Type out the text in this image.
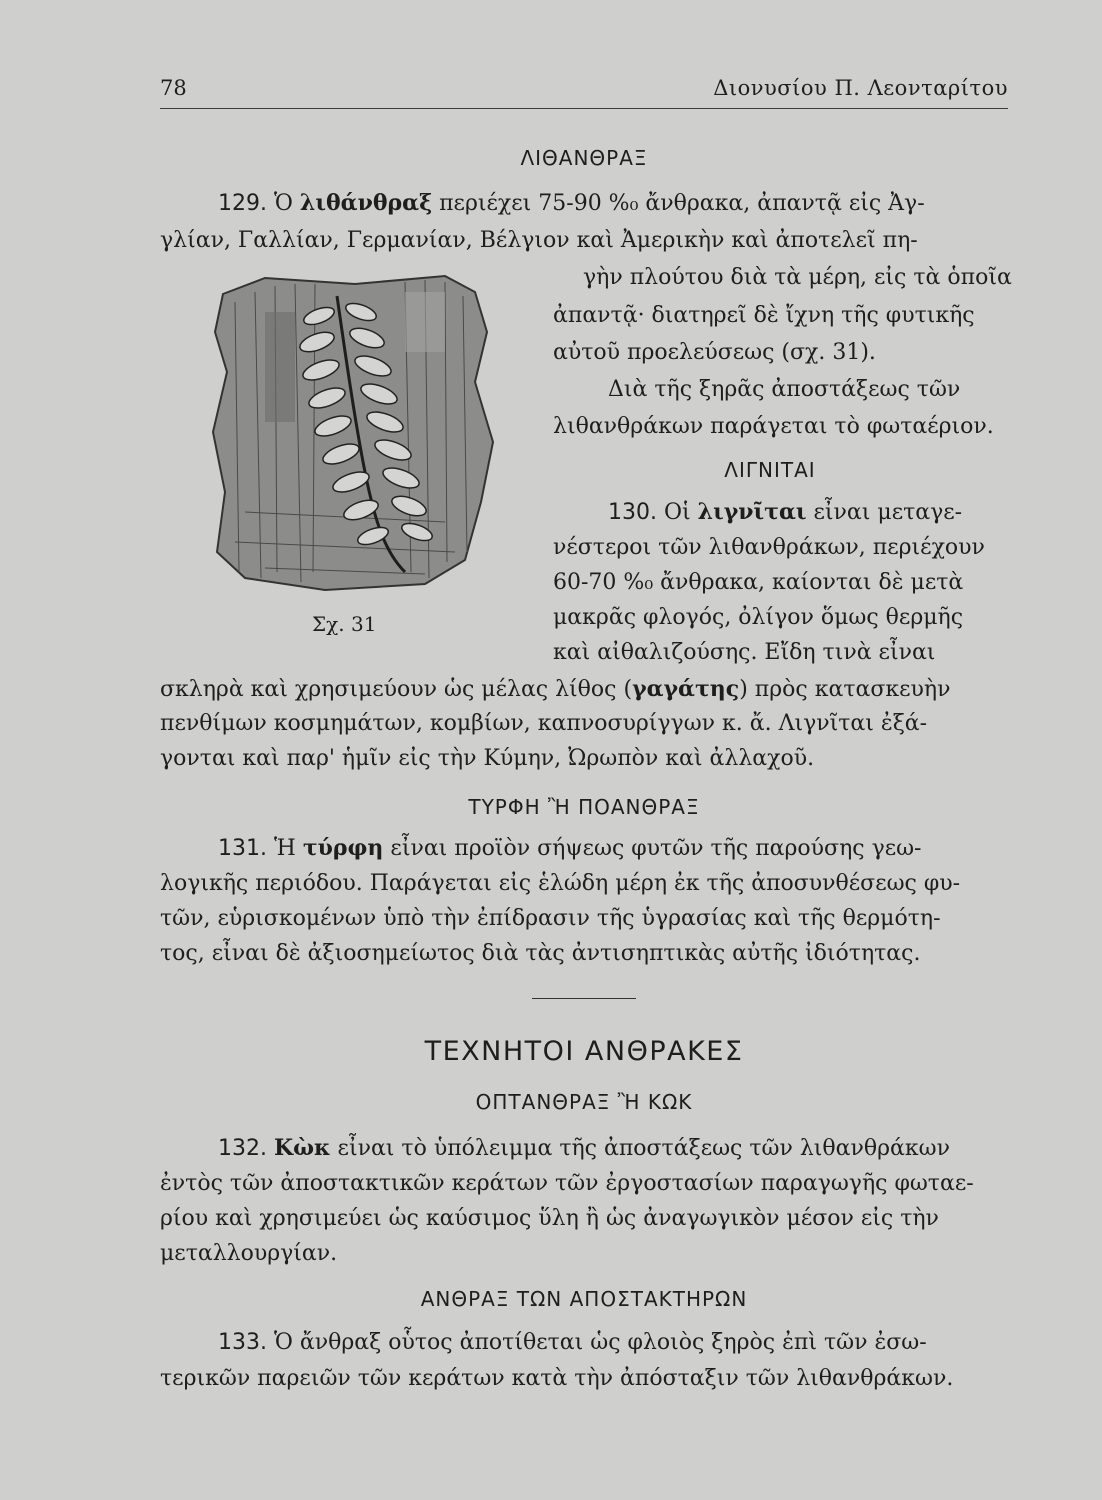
78	Διονυσίου Π. Λεονταρίτου
ΛΙΘΑΝΘΡΑΞ
129. Ὁ λιθάνθραξ περιέχει 75-90 %₀ ἄνθρακα, ἀπαντᾷ εἰς Ἀγ-
γλίαν, Γαλλίαν, Γερμανίαν, Βέλγιον καὶ Ἀμερικὴν καὶ ἀποτελεῖ πη-
γὴν πλούτου διὰ τὰ μέρη, εἰς τὰ ὁποῖα
ἀπαντᾷ· διατηρεῖ δὲ ἴχνη τῆς φυτικῆς
αὐτοῦ προελεύσεως (σχ. 31).
Διὰ τῆς ξηρᾶς ἀποστάξεως τῶν
λιθανθράκων παράγεται τὸ φωταέριον.
Σχ. 31
ΛΙΓΝΙΤΑΙ
130. Οἱ λιγνῖται εἶναι μεταγε-
νέστεροι τῶν λιθανθράκων, περιέχουν
60-70 %₀ ἄνθρακα, καίονται δὲ μετὰ
μακρᾶς φλογός, ὀλίγον ὅμως θερμῆς
καὶ αἰθαλιζούσης. Εἴδη τινὰ εἶναι
σκληρὰ καὶ χρησιμεύουν ὡς μέλας λίθος (γαγάτης) πρὸς κατασκευὴν
πενθίμων κοσμημάτων, κομβίων, καπνοσυρίγγων κ. ἄ. Λιγνῖται ἐξά-
γονται καὶ παρ' ἡμῖν εἰς τὴν Κύμην, Ὠρωπὸν καὶ ἀλλαχοῦ.
ΤΥΡΦΗ Ἢ ΠΟΑΝΘΡΑΞ
131. Ἡ τύρφη εἶναι προϊὸν σήψεως φυτῶν τῆς παρούσης γεω-
λογικῆς περιόδου. Παράγεται εἰς ἑλώδη μέρη ἐκ τῆς ἀποσυνθέσεως φυ-
τῶν, εὑρισκομένων ὑπὸ τὴν ἐπίδρασιν τῆς ὑγρασίας καὶ τῆς θερμότη-
τος, εἶναι δὲ ἀξιοσημείωτος διὰ τὰς ἀντισηπτικὰς αὐτῆς ἰδιότητας.
ΤΕΧΝΗΤΟΙ ΑΝΘΡΑΚΕΣ
ΟΠΤΑΝΘΡΑΞ Ἢ ΚΩΚ
132. Κὼκ εἶναι τὸ ὑπόλειμμα τῆς ἀποστάξεως τῶν λιθανθράκων
ἐντὸς τῶν ἀποστακτικῶν κεράτων τῶν ἐργοστασίων παραγωγῆς φωταε-
ρίου καὶ χρησιμεύει ὡς καύσιμος ὕλη ἢ ὡς ἀναγωγικὸν μέσον εἰς τὴν
μεταλλουργίαν.
ΑΝΘΡΑΞ ΤΩΝ ΑΠΟΣΤΑΚΤΗΡΩΝ
133. Ὁ ἄνθραξ οὗτος ἀποτίθεται ὡς φλοιὸς ξηρὸς ἐπὶ τῶν ἐσω-
τερικῶν παρειῶν τῶν κεράτων κατὰ τὴν ἀπόσταξιν τῶν λιθανθράκων.
